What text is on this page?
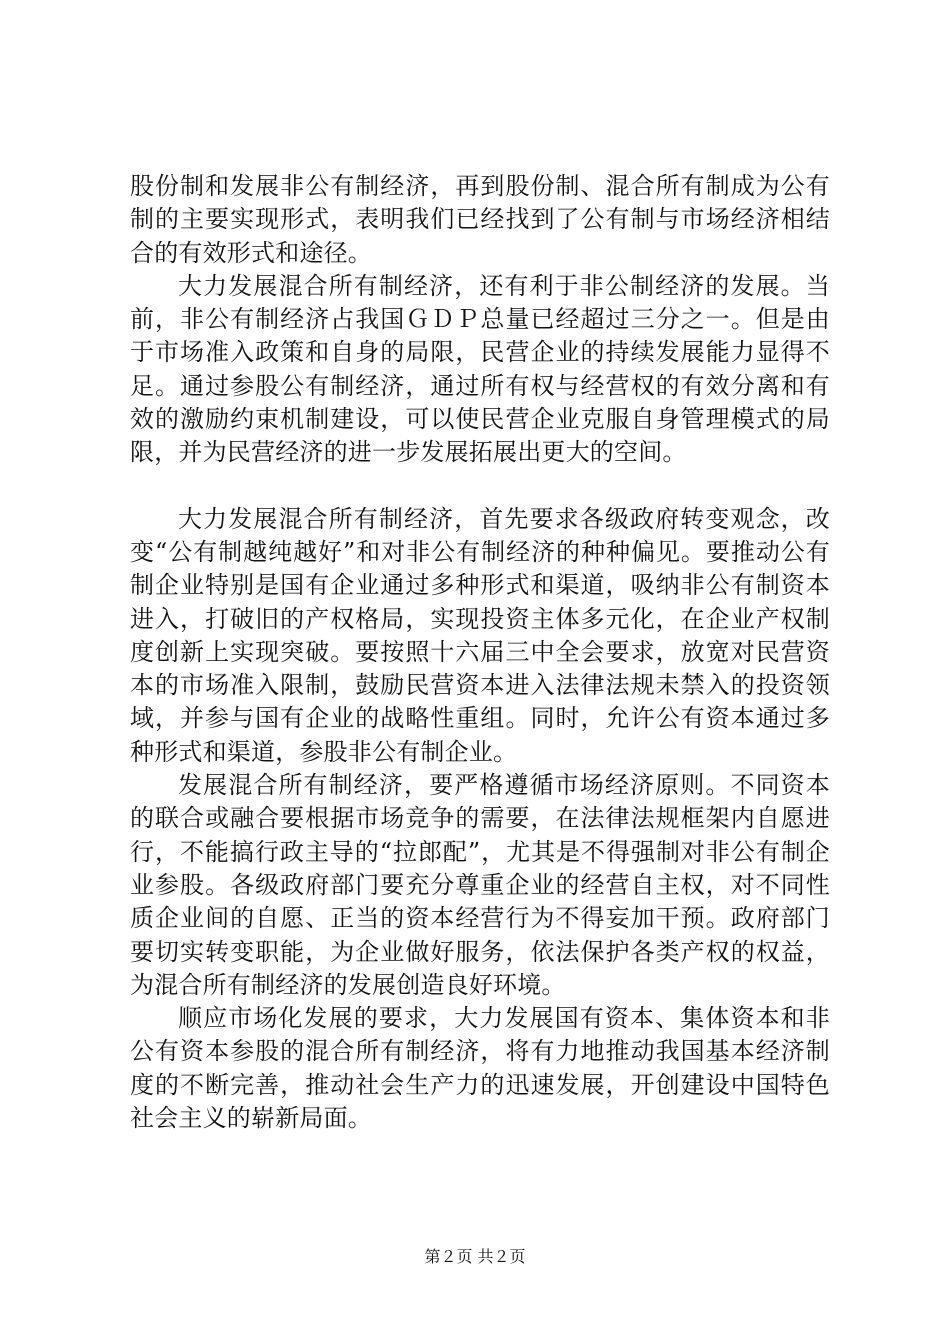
股份制和发展非公有制经济，再到股份制、混合所有制成为公有制的主要实现形式，表明我们已经找到了公有制与市场经济相结合的有效形式和途径。

大力发展混合所有制经济，还有利于非公制经济的发展。当前，非公有制经济占我国ＧＤＰ总量已经超过三分之一。但是由于市场准入政策和自身的局限，民营企业的持续发展能力显得不足。通过参股公有制经济，通过所有权与经营权的有效分离和有效的激励约束机制建设，可以使民营企业克服自身管理模式的局限，并为民营经济的进一步发展拓展出更大的空间。

大力发展混合所有制经济，首先要求各级政府转变观念，改变“公有制越纯越好”和对非公有制经济的种种偏见。要推动公有制企业特别是国有企业通过多种形式和渠道，吸纳非公有制资本进入，打破旧的产权格局，实现投资主体多元化，在企业产权制度创新上实现突破。要按照十六届三中全会要求，放宽对民营资本的市场准入限制，鼓励民营资本进入法律法规未禁入的投资领域，并参与国有企业的战略性重组。同时，允许公有资本通过多种形式和渠道，参股非公有制企业。

发展混合所有制经济，要严格遵循市场经济原则。不同资本的联合或融合要根据市场竞争的需要，在法律法规框架内自愿进行，不能搞行政主导的“拉郎配”，尤其是不得强制对非公有制企业参股。各级政府部门要充分尊重企业的经营自主权，对不同性质企业间的自愿、正当的资本经营行为不得妄加干预。政府部门要切实转变职能，为企业做好服务，依法保护各类产权的权益，为混合所有制经济的发展创造良好环境。

顺应市场化发展的要求，大力发展国有资本、集体资本和非公有资本参股的混合所有制经济，将有力地推动我国基本经济制度的不断完善，推动社会生产力的迅速发展，开创建设中国特色社会主义的崭新局面。

第２页 共２页
